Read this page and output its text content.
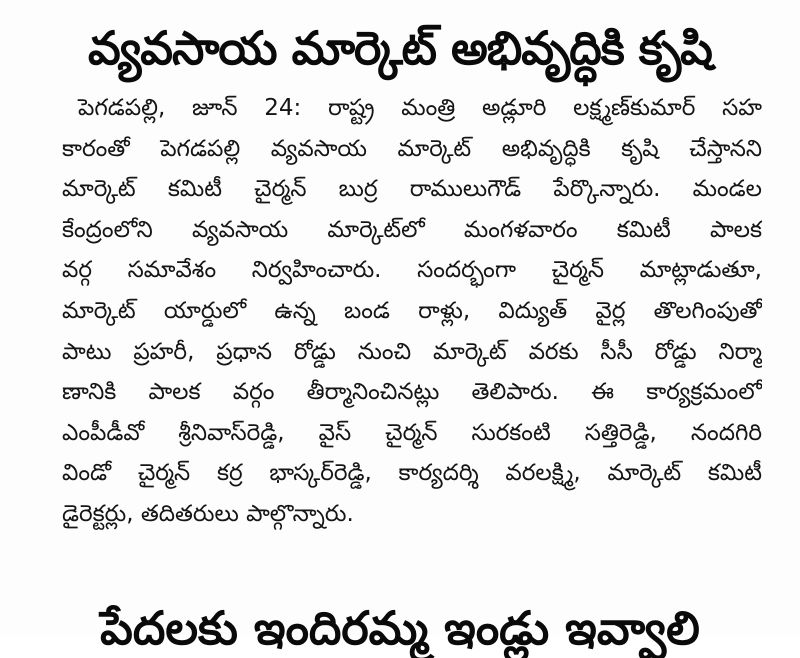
వ్యవసాయ మార్కెట్ అభివృద్ధికి కృషి
పెగడపల్లి, జూన్ 24: రాష్ట్ర మంత్రి అడ్లూరి లక్ష్మణ్‌కుమార్ సహ
కారంతో పెగడపల్లి వ్యవసాయ మార్కెట్ అభివృద్ధికి కృషి చేస్తానని
మార్కెట్ కమిటీ చైర్మన్ బుర్ర రాములుగౌడ్ పేర్కొన్నారు. మండల
కేంద్రంలోని వ్యవసాయ మార్కెట్‌లో మంగళవారం కమిటీ పాలక
వర్గ సమావేశం నిర్వహించారు. సందర్భంగా చైర్మన్ మాట్లాడుతూ,
మార్కెట్ యార్డులో ఉన్న బండ రాళ్లు, విద్యుత్ వైర్ల తొలగింపుతో
పాటు ప్రహరీ, ప్రధాన రోడ్డు నుంచి మార్కెట్ వరకు సీసీ రోడ్డు నిర్మా
ణానికి పాలక వర్గం తీర్మానించినట్లు తెలిపారు. ఈ కార్యక్రమంలో
ఎంపీడీవో శ్రీనివాస్‌రెడ్డి, వైస్ చైర్మన్ సురకంటి సత్తిరెడ్డి, నందగిరి
విండో చైర్మన్ కర్ర భాస్కర్‌రెడ్డి, కార్యదర్శి వరలక్ష్మి, మార్కెట్ కమిటీ
డైరెక్టర్లు, తదితరులు పాల్గొన్నారు.
పేదలకు ఇందిరమ్మ ఇండ్లు ఇవ్వాలి
